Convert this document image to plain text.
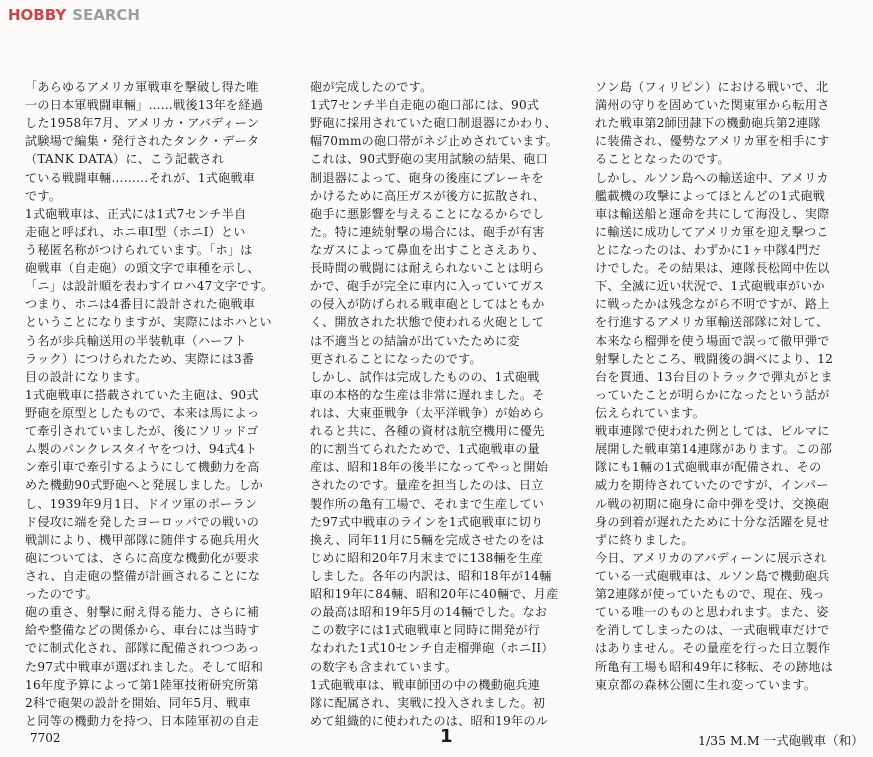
HOBBY SEARCH
「あらゆるアメリカ軍戦車を撃破し得た唯
一の日本軍戦闘車輛」……戦後13年を経過
した1958年7月、アメリカ・アバディーン
試験場で編集・発行されたタンク・データ
（TANK DATA）に、こう記載され
ている戦闘車輛………それが、1式砲戦車
です。
1式砲戦車は、正式には1式7センチ半自
走砲と呼ばれ、ホニ車I型（ホニI）とい
う秘匿名称がつけられています。「ホ」は
砲戦車（自走砲）の頭文字で車種を示し、
「ニ」は設計順を表わすイロハ47文字です。
つまり、ホニは4番目に設計された砲戦車
ということになりますが、実際にはホハとい
う名が歩兵輸送用の半装軌車（ハーフト
ラック）につけられたため、実際には3番
目の設計になります。
1式砲戦車に搭載されていた主砲は、90式
野砲を原型としたもので、本来は馬によっ
て牽引されていましたが、後にソリッドゴ
ム製のパンクレスタイヤをつけ、94式4ト
ン牽引車で牽引するようにして機動力を高
めた機動90式野砲へと発展しました。しか
し、1939年9月1日、ドイツ軍のポーラン
ド侵攻に端を発したヨーロッパでの戦いの
戦訓により、機甲部隊に随伴する砲兵用火
砲については、さらに高度な機動化が要求
され、自走砲の整備が計画されることにな
ったのです。
砲の重さ、射撃に耐え得る能力、さらに補
給や整備などの関係から、車台には当時す
でに制式化され、部隊に配備されつつあっ
た97式中戦車が選ばれました。そして昭和
16年度予算によって第1陸軍技術研究所第
2科で砲架の設計を開始、同年5月、戦車
と同等の機動力を持つ、日本陸軍初の自走
砲が完成したのです。
1式7センチ半自走砲の砲口部には、90式
野砲に採用されていた砲口制退器にかわり、
幅70mmの砲口帯がネジ止めされています。
これは、90式野砲の実用試験の結果、砲口
制退器によって、砲身の後座にブレーキを
かけるために高圧ガスが後方に拡散され、
砲手に悪影響を与えることになるからでし
た。特に連続射撃の場合には、砲手が有害
なガスによって鼻血を出すことさえあり、
長時間の戦闘には耐えられないことは明ら
かで、砲手が完全に車内に入っていてガス
の侵入が防げられる戦車砲としてはともか
く、開放された状態で使われる火砲として
は不適当との結論が出ていたために変
更されることになったのです。
しかし、試作は完成したものの、1式砲戦
車の本格的な生産は非常に遅れました。そ
れは、大東亜戦争（太平洋戦争）が始めら
れると共に、各種の資材は航空機用に優先
的に割当てられたためで、1式砲戦車の量
産は、昭和18年の後半になってやっと開始
されたのです。量産を担当したのは、日立
製作所の亀有工場で、それまで生産してい
た97式中戦車のラインを1式砲戦車に切り
換え、同年11月に5輛を完成させたのをは
じめに昭和20年7月末までに138輛を生産
しました。各年の内訳は、昭和18年が14輛
昭和19年に84輛、昭和20年に40輛で、月産
の最高は昭和19年5月の14輛でした。なお
この数字には1式砲戦車と同時に開発が行
なわれた1式10センチ自走榴弾砲（ホニII）
の数字も含まれています。
1式砲戦車は、戦車師団の中の機動砲兵連
隊に配属され、実戦に投入されました。初
めて組織的に使われたのは、昭和19年のル
ソン島（フィリピン）における戦いで、北
満州の守りを固めていた関東軍から転用さ
れた戦車第2師団隷下の機動砲兵第2連隊
に装備され、優勢なアメリカ軍を相手にす
ることとなったのです。
しかし、ルソン島への輸送途中、アメリカ
艦載機の攻撃によってほとんどの1式砲戦
車は輸送船と運命を共にして海没し、実際
に輸送に成功してアメリカ軍を迎え撃つこ
とになったのは、わずかに1ヶ中隊4門だ
けでした。その結果は、連隊長松岡中佐以
下、全滅に近い状況で、1式砲戦車がいか
に戦ったかは残念ながら不明ですが、路上
を行進するアメリカ軍輸送部隊に対して、
本来なら榴弾を使う場面で誤って徹甲弾で
射撃したところ、戦闘後の調べにより、12
台を貫通、13台目のトラックで弾丸がとま
っていたことが明らかになったという話が
伝えられています。
戦車連隊で使われた例としては、ビルマに
展開した戦車第14連隊があります。この部
隊にも1輛の1式砲戦車が配備され、その
威力を期待されていたのですが、インパー
ル戦の初期に砲身に命中弾を受け、交換砲
身の到着が遅れたために十分な活躍を見せ
ずに終りました。
今日、アメリカのアバディーンに展示され
ている一式砲戦車は、ルソン島で機動砲兵
第2連隊が使っていたもので、現在、残っ
ている唯一のものと思われます。また、姿
を消してしまったのは、一式砲戦車だけで
はありません。その量産を行った日立製作
所亀有工場も昭和49年に移転、その跡地は
東京都の森林公園に生れ変っています。
7702	1	1/35 M.M 一式砲戦車（和）
